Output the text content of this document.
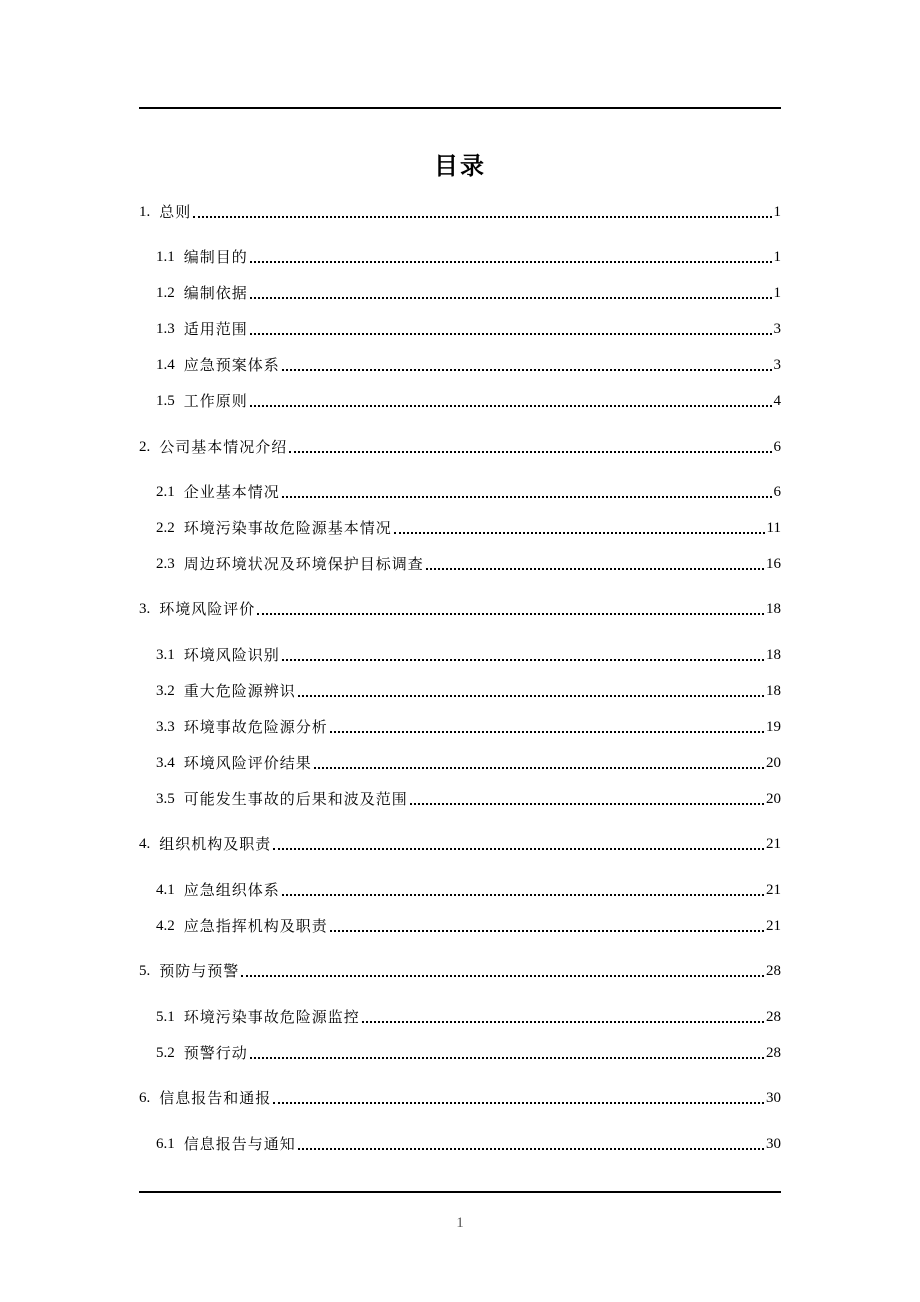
目录
1. 总则	1
1.1 编制目的	1
1.2 编制依据	1
1.3 适用范围	3
1.4 应急预案体系	3
1.5 工作原则	4
2. 公司基本情况介绍	6
2.1 企业基本情况	6
2.2 环境污染事故危险源基本情况	11
2.3 周边环境状况及环境保护目标调查	16
3. 环境风险评价	18
3.1 环境风险识别	18
3.2 重大危险源辨识	18
3.3 环境事故危险源分析	19
3.4 环境风险评价结果	20
3.5 可能发生事故的后果和波及范围	20
4. 组织机构及职责	21
4.1 应急组织体系	21
4.2 应急指挥机构及职责	21
5. 预防与预警	28
5.1 环境污染事故危险源监控	28
5.2 预警行动	28
6. 信息报告和通报	30
6.1 信息报告与通知	30
1
